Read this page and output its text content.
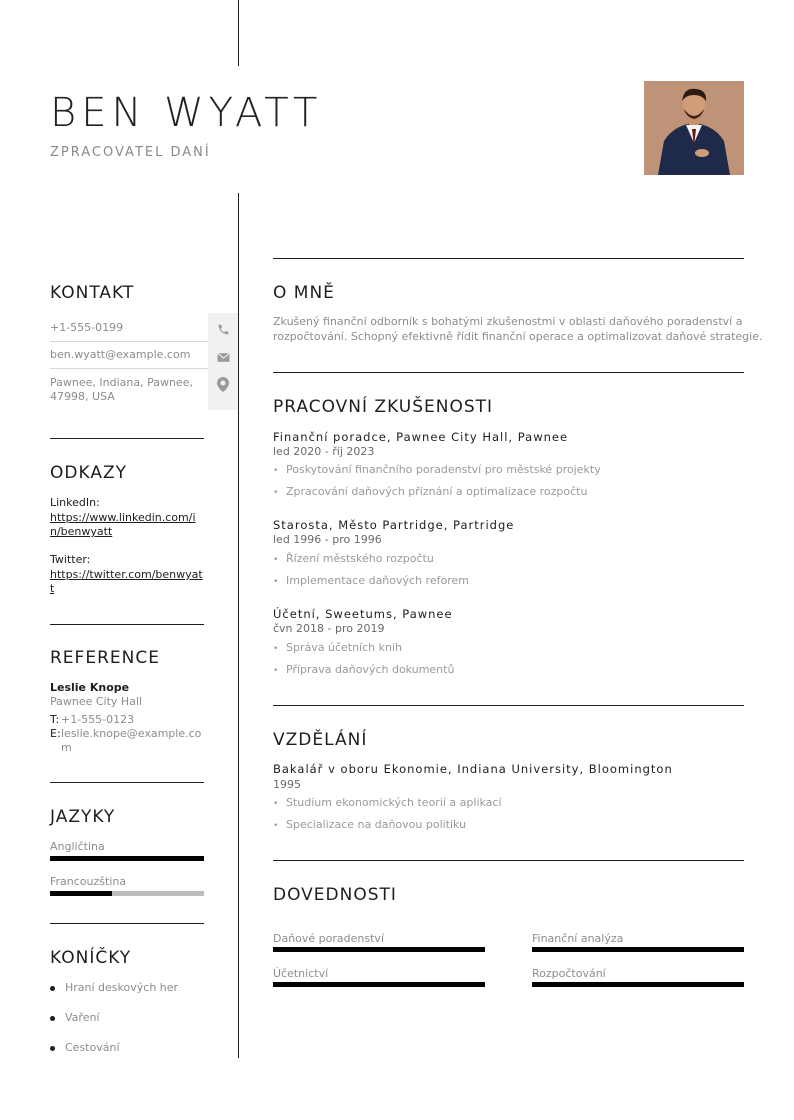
BEN WYATT
ZPRACOVATEL DANÍ
KONTAKT
+1-555-0199
ben.wyatt@example.com
Pawnee, Indiana, Pawnee,
47998, USA
ODKAZY
LinkedIn:
https://www.linkedin.com/i
n/benwyatt
Twitter:
https://twitter.com/benwyat
t
REFERENCE
Leslie Knope
Pawnee City Hall
T: +1-555-0123
E: leslie.knope@example.co
m
JAZYKY
Angličtina
Francouzština
KONÍČKY
Hraní deskových her
Vaření
Cestování
O MNĚ
Zkušený finanční odborník s bohatými zkušenostmi v oblasti daňového poradenství a
rozpočtování. Schopný efektivně řídit finanční operace a optimalizovat daňové strategie.
PRACOVNÍ ZKUŠENOSTI
Finanční poradce, Pawnee City Hall, Pawnee
led 2020 - říj 2023
• Poskytování finančního poradenství pro městské projekty
• Zpracování daňových přiznání a optimalizace rozpočtu
Starosta, Město Partridge, Partridge
led 1996 - pro 1996
• Řízení městského rozpočtu
• Implementace daňových reforem
Účetní, Sweetums, Pawnee
čvn 2018 - pro 2019
• Správa účetních knih
• Příprava daňových dokumentů
VZDĚLÁNÍ
Bakalář v oboru Ekonomie, Indiana University, Bloomington
1995
• Studium ekonomických teorií a aplikací
• Specializace na daňovou politiku
DOVEDNOSTI
Daňové poradenství	Finanční analýza
Účetnictví	Rozpočtování
